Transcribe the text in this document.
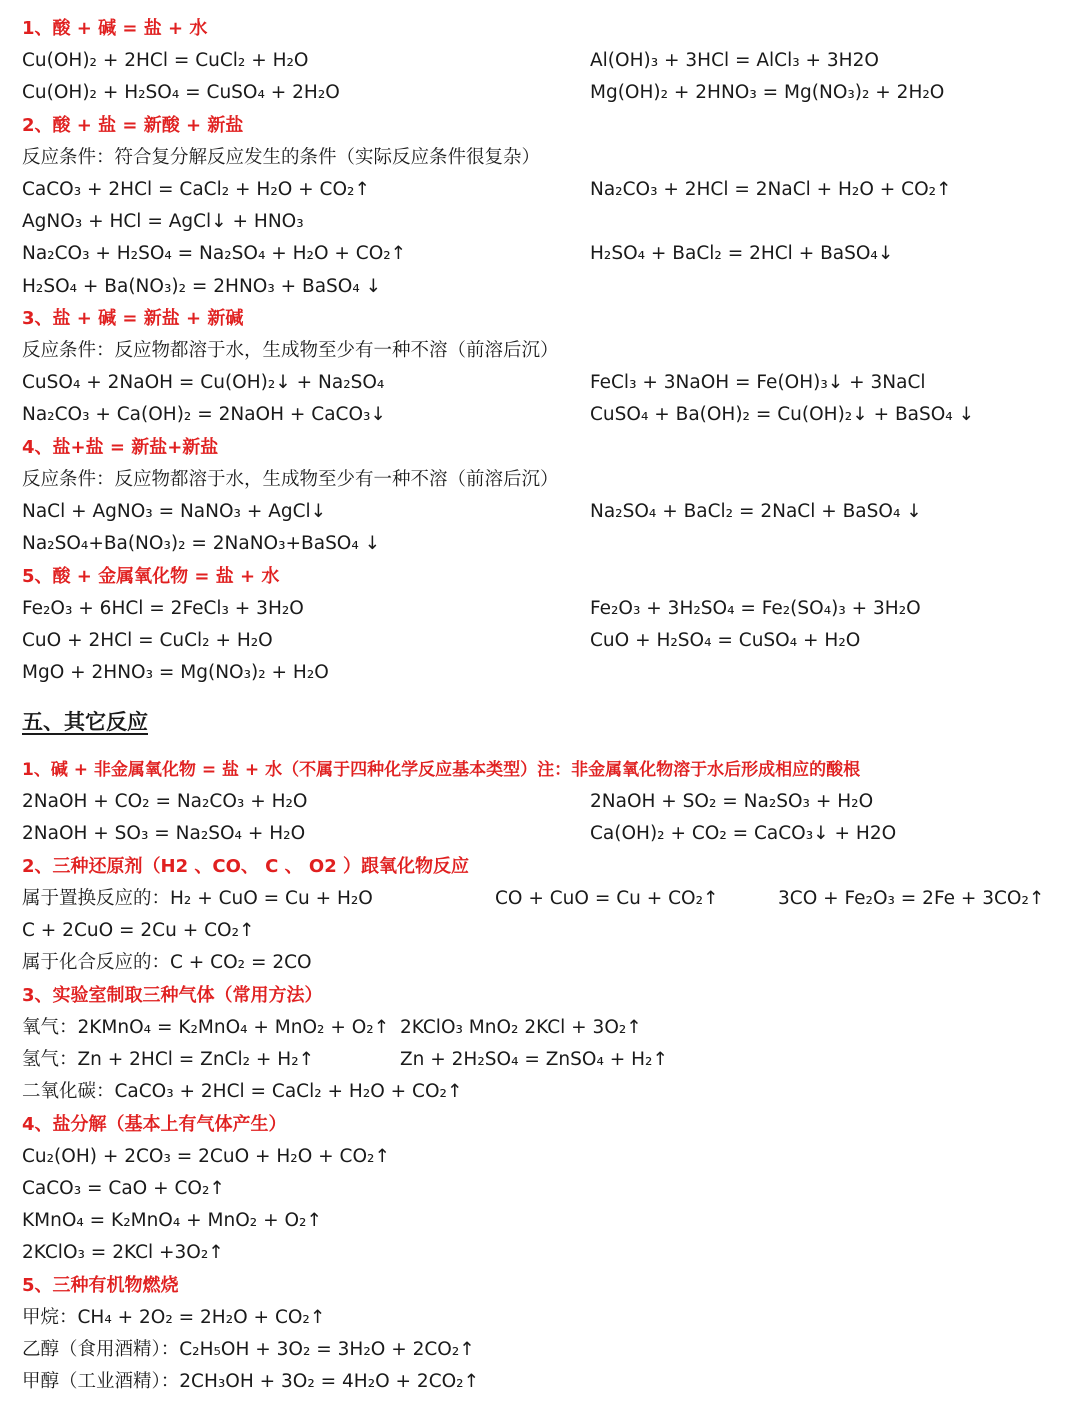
1、酸 + 碱 = 盐 + 水
Cu(OH)₂ + 2HCl = CuCl₂ + H₂O	Al(OH)₃ + 3HCl = AlCl₃ + 3H2O
Cu(OH)₂ + H₂SO₄ = CuSO₄ + 2H₂O	Mg(OH)₂ + 2HNO₃ = Mg(NO₃)₂ + 2H₂O
2、酸 + 盐 = 新酸 + 新盐
反应条件：符合复分解反应发生的条件（实际反应条件很复杂）
CaCO₃ + 2HCl = CaCl₂ + H₂O + CO₂↑	Na₂CO₃ + 2HCl = 2NaCl + H₂O + CO₂↑
AgNO₃ + HCl = AgCl↓ + HNO₃
Na₂CO₃ + H₂SO₄ = Na₂SO₄ + H₂O + CO₂↑	H₂SO₄ + BaCl₂ = 2HCl + BaSO₄↓
H₂SO₄ + Ba(NO₃)₂ = 2HNO₃ + BaSO₄ ↓
3、盐 + 碱 = 新盐 + 新碱
反应条件：反应物都溶于水，生成物至少有一种不溶（前溶后沉）
CuSO₄ + 2NaOH = Cu(OH)₂↓ + Na₂SO₄	FeCl₃ + 3NaOH = Fe(OH)₃↓ + 3NaCl
Na₂CO₃ + Ca(OH)₂ = 2NaOH + CaCO₃↓	CuSO₄ + Ba(OH)₂ = Cu(OH)₂↓ + BaSO₄ ↓
4、盐+盐 = 新盐+新盐
反应条件：反应物都溶于水，生成物至少有一种不溶（前溶后沉）
NaCl + AgNO₃ = NaNO₃ + AgCl↓	Na₂SO₄ + BaCl₂ = 2NaCl + BaSO₄ ↓
Na₂SO₄+Ba(NO₃)₂ = 2NaNO₃+BaSO₄ ↓
5、酸 + 金属氧化物 = 盐 + 水
Fe₂O₃ + 6HCl = 2FeCl₃ + 3H₂O	Fe₂O₃ + 3H₂SO₄ = Fe₂(SO₄)₃ + 3H₂O
CuO + 2HCl = CuCl₂ + H₂O	CuO + H₂SO₄ = CuSO₄ + H₂O
MgO + 2HNO₃ = Mg(NO₃)₂ + H₂O
五、其它反应
1、碱 + 非金属氧化物 = 盐 + 水（不属于四种化学反应基本类型）注：非金属氧化物溶于水后形成相应的酸根
2NaOH + CO₂ = Na₂CO₃ + H₂O	2NaOH + SO₂ = Na₂SO₃ + H₂O
2NaOH + SO₃ = Na₂SO₄ + H₂O	Ca(OH)₂ + CO₂ = CaCO₃↓ + H2O
2、三种还原剂（H2 、CO、 C 、 O2 ）跟氧化物反应
属于置换反应的：H₂ + CuO = Cu + H₂O	CO + CuO = Cu + CO₂↑	3CO + Fe₂O₃ = 2Fe + 3CO₂↑
C + 2CuO = 2Cu + CO₂↑
属于化合反应的：C + CO₂ = 2CO
3、实验室制取三种气体（常用方法）
氧气：2KMnO₄ = K₂MnO₄ + MnO₂ + O₂↑ 2KClO₃ MnO₂ 2KCl + 3O₂↑
氢气：Zn + 2HCl = ZnCl₂ + H₂↑	Zn + 2H₂SO₄ = ZnSO₄ + H₂↑
二氧化碳：CaCO₃ + 2HCl = CaCl₂ + H₂O + CO₂↑
4、盐分解（基本上有气体产生）
Cu₂(OH) + 2CO₃ = 2CuO + H₂O + CO₂↑
CaCO₃ = CaO + CO₂↑
KMnO₄ = K₂MnO₄ + MnO₂ + O₂↑
2KClO₃ = 2KCl +3O₂↑
5、三种有机物燃烧
甲烷：CH₄ + 2O₂ = 2H₂O + CO₂↑
乙醇（食用酒精）：C₂H₅OH + 3O₂ = 3H₂O + 2CO₂↑
甲醇（工业酒精）：2CH₃OH + 3O₂ = 4H₂O + 2CO₂↑
